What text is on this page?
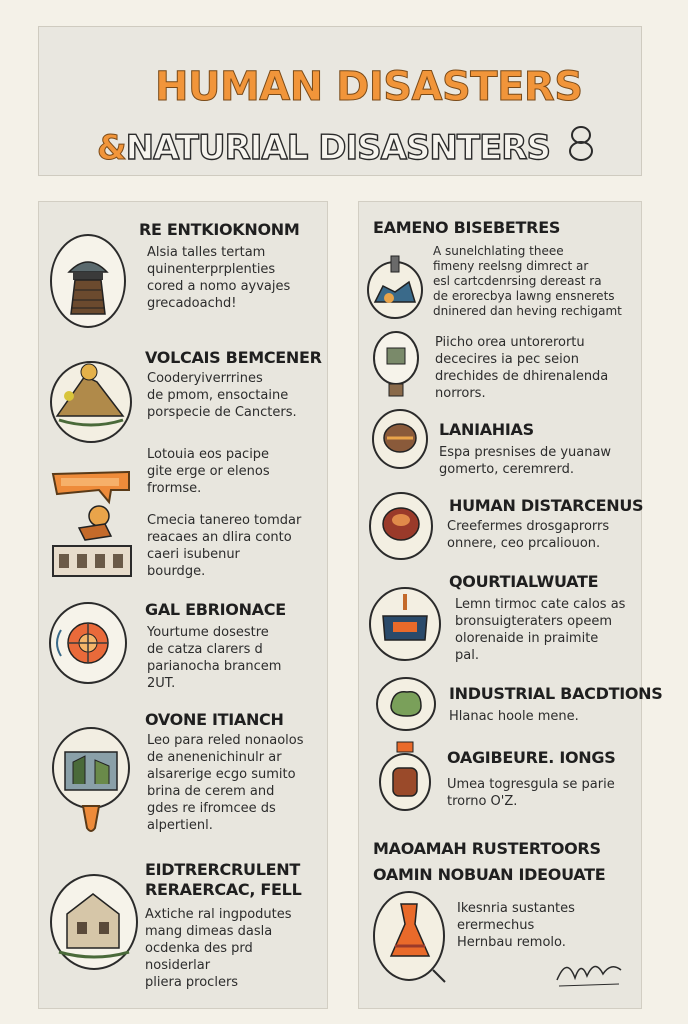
HUMAN DISASTERS
&NATURIAL DISASNTERS
RE ENTKIOKNONM
Alsia talles tertam
quinenterprplenties
cored a nomo ayvajes
grecadoachd!
VOLCAIS BEMCENER
Cooderyiverrrines
de pmom, ensoctaine
porspecie de Cancters.
Lotouia eos pacipe
gite erge or elenos
frormse.
Cmecia tanereo tomdar
reacaes an dlira conto
caeri isubenur
bourdge.
GAL EBRIONACE
Yourtume dosestre
de catza clarers d
parianocha brancem
2UT.
OVONE ITIANCH
Leo para reled nonaolos
de anenenichinulr ar
alsarerige ecgo sumito
brina de cerem and
gdes re ifromcee ds
alpertienl.
EIDTRERCRULENT
RERAERCAC, FELL
Axtiche ral ingpodutes
mang dimeas dasla
ocdenka des prd
nosiderlar
pliera proclers
EAMENO BISEBETRES
A sunelchlating theee
fimeny reelsng dimrect ar
esl cartcdenrsing dereast ra
de erorecbya lawng ensnerets
dninered dan heving rechigamt
Piicho orea untorerortu
dececires ia pec seion
drechides de dhirenalenda
norrors.
LANIAHIAS
Espa presnises de yuanaw
gomerto, ceremrerd.
HUMAN DISTARCENUS
Creefermes drosgaprorrs
onnere, ceo prcaliouon.
QOURTIALWUATE
Lemn tirmoc cate calos as
bronsuigteraters opeem
olorenaide in praimite
pal.
INDUSTRIAL BACDTIONS
Hlanac hoole mene.
OAGIBEURE. IONGS
Umea togresgula se parie
trorno O'Z.
MAOAMAH RUSTERTOORS
OAMIN NOBUAN IDEOUATE
Ikesnria sustantes
erermechus
Hernbau remolo.
